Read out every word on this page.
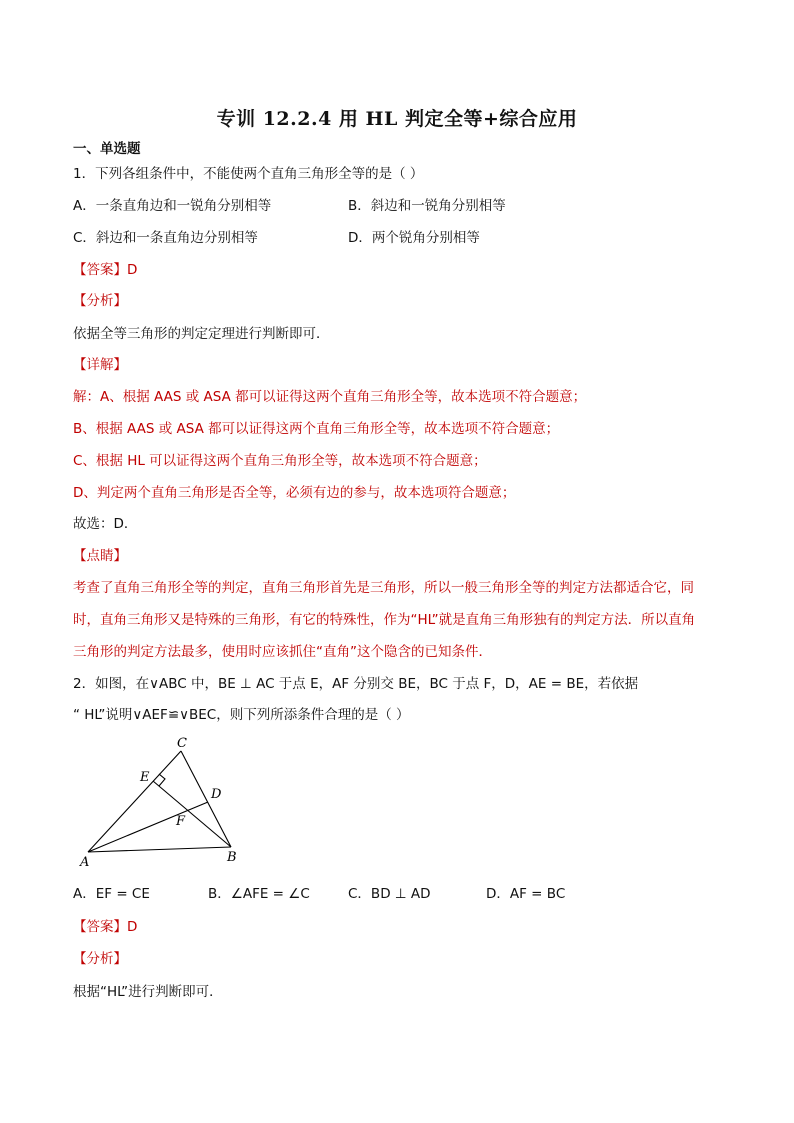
专训 12.2.4 用 HL 判定全等+综合应用
一、单选题
1．下列各组条件中，不能使两个直角三角形全等的是（ ）
A．一条直角边和一锐角分别相等	B．斜边和一锐角分别相等
C．斜边和一条直角边分别相等	D．两个锐角分别相等
【答案】D
【分析】
依据全等三角形的判定定理进行判断即可．
【详解】
解：A、根据 AAS 或 ASA 都可以证得这两个直角三角形全等，故本选项不符合题意；
B、根据 AAS 或 ASA 都可以证得这两个直角三角形全等，故本选项不符合题意；
C、根据 HL 可以证得这两个直角三角形全等，故本选项不符合题意；
D、判定两个直角三角形是否全等，必须有边的参与，故本选项符合题意；
故选：D．
【点睛】
考查了直角三角形全等的判定，直角三角形首先是三角形，所以一般三角形全等的判定方法都适合它，同
时，直角三角形又是特殊的三角形，有它的特殊性，作为“HL”就是直角三角形独有的判定方法．所以直角
三角形的判定方法最多，使用时应该抓住“直角”这个隐含的已知条件．
2．如图，在∨ABC 中，BE ⊥ AC 于点 E，AF 分别交 BE，BC 于点 F，D，AE = BE，若依据
“ HL”说明∨AEF≌∨BEC，则下列所添条件合理的是（ ）
C
E
D
F
A	B
A．EF = CE	B．∠AFE = ∠C	C．BD ⊥ AD	D．AF = BC
【答案】D
【分析】
根据“HL”进行判断即可．
